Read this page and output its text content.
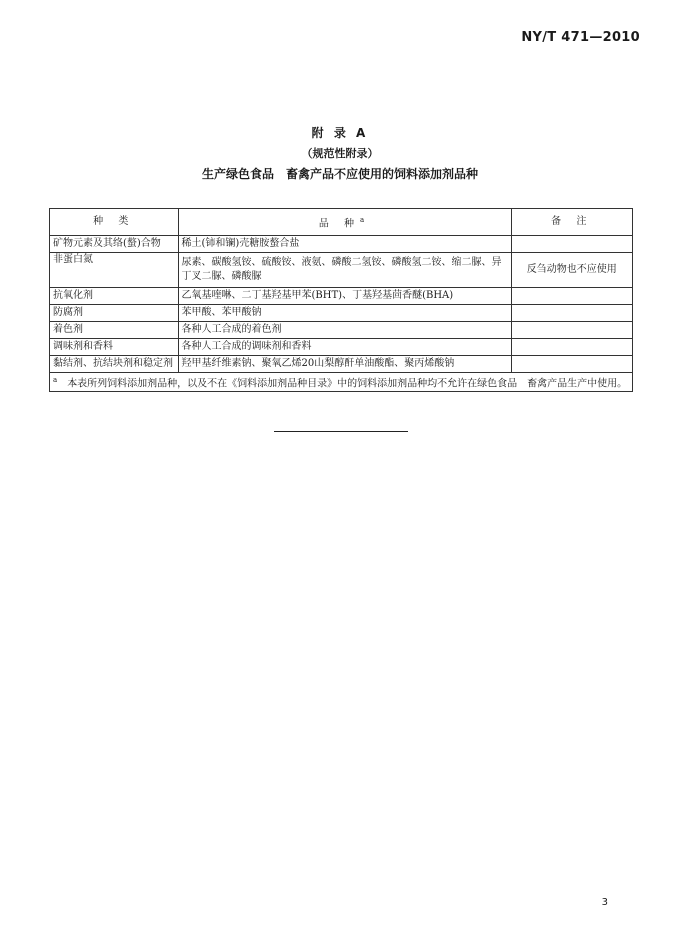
NY/T 471—2010
附 录 A
（规范性附录）
生产绿色食品　畜禽产品不应使用的饲料添加剂品种
种 类	品 种$^a$	备 注
矿物元素及其络(螯)合物	稀土(铈和镧)壳糖胺螯合盐	
非蛋白氮	尿素、碳酸氢铵、硫酸铵、液氨、磷酸二氢铵、磷酸氢二铵、缩二脲、异丁叉二脲、磷酸脲	反刍动物也不应使用
抗氧化剂	乙氧基喹啉、二丁基羟基甲苯(BHT)、丁基羟基茴香醚(BHA)	
防腐剂	苯甲酸、苯甲酸钠	
着色剂	各种人工合成的着色剂	
调味剂和香料	各种人工合成的调味剂和香料	
黏结剂、抗结块剂和稳定剂	羟甲基纤维素钠、聚氧乙烯20山梨醇酐单油酸酯、聚丙烯酸钠	
$^a$　 本表所列饲料添加剂品种，以及不在《饲料添加剂品种目录》中的饲料添加剂品种均不允许在绿色食品　畜禽产品生产中使用。		
3
